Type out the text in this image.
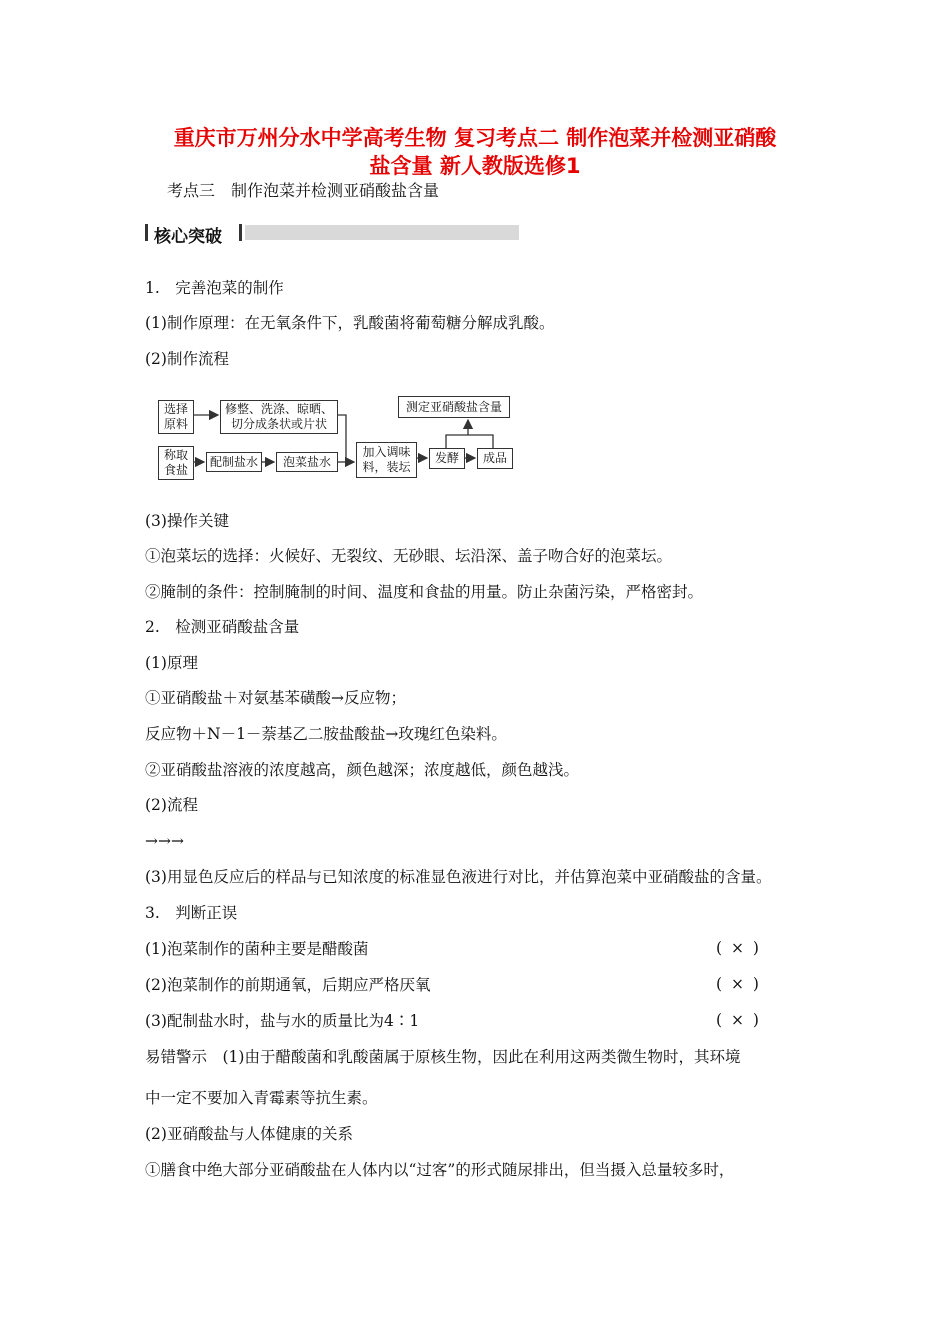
重庆市万州分水中学高考生物 复习考点二 制作泡菜并检测亚硝酸
盐含量 新人教版选修1
考点三　制作泡菜并检测亚硝酸盐含量
核心突破
1.　完善泡菜的制作
(1)制作原理：在无氧条件下，乳酸菌将葡萄糖分解成乳酸。
(2)制作流程
选择
原料
修整、洗涤、晾晒、
切分成条状或片状
称取
食盐
配制盐水	泡菜盐水
加入调味
料，装坛
发酵	成品
测定亚硝酸盐含量
(3)操作关键
①泡菜坛的选择：火候好、无裂纹、无砂眼、坛沿深、盖子吻合好的泡菜坛。
②腌制的条件：控制腌制的时间、温度和食盐的用量。防止杂菌污染，严格密封。
2.　检测亚硝酸盐含量
(1)原理
①亚硝酸盐＋对氨基苯磺酸→反应物；
反应物＋N－1－萘基乙二胺盐酸盐→玫瑰红色染料。
②亚硝酸盐溶液的浓度越高，颜色越深；浓度越低，颜色越浅。
(2)流程
→→→
(3)用显色反应后的样品与已知浓度的标准显色液进行对比，并估算泡菜中亚硝酸盐的含量。
3.　判断正误
(1)泡菜制作的菌种主要是醋酸菌	( × )
(2)泡菜制作的前期通氧，后期应严格厌氧	( × )
(3)配制盐水时，盐与水的质量比为4∶1	( × )
易错警示　(1)由于醋酸菌和乳酸菌属于原核生物，因此在利用这两类微生物时，其环境
中一定不要加入青霉素等抗生素。
(2)亚硝酸盐与人体健康的关系
①膳食中绝大部分亚硝酸盐在人体内以“过客”的形式随尿排出，但当摄入总量较多时，
